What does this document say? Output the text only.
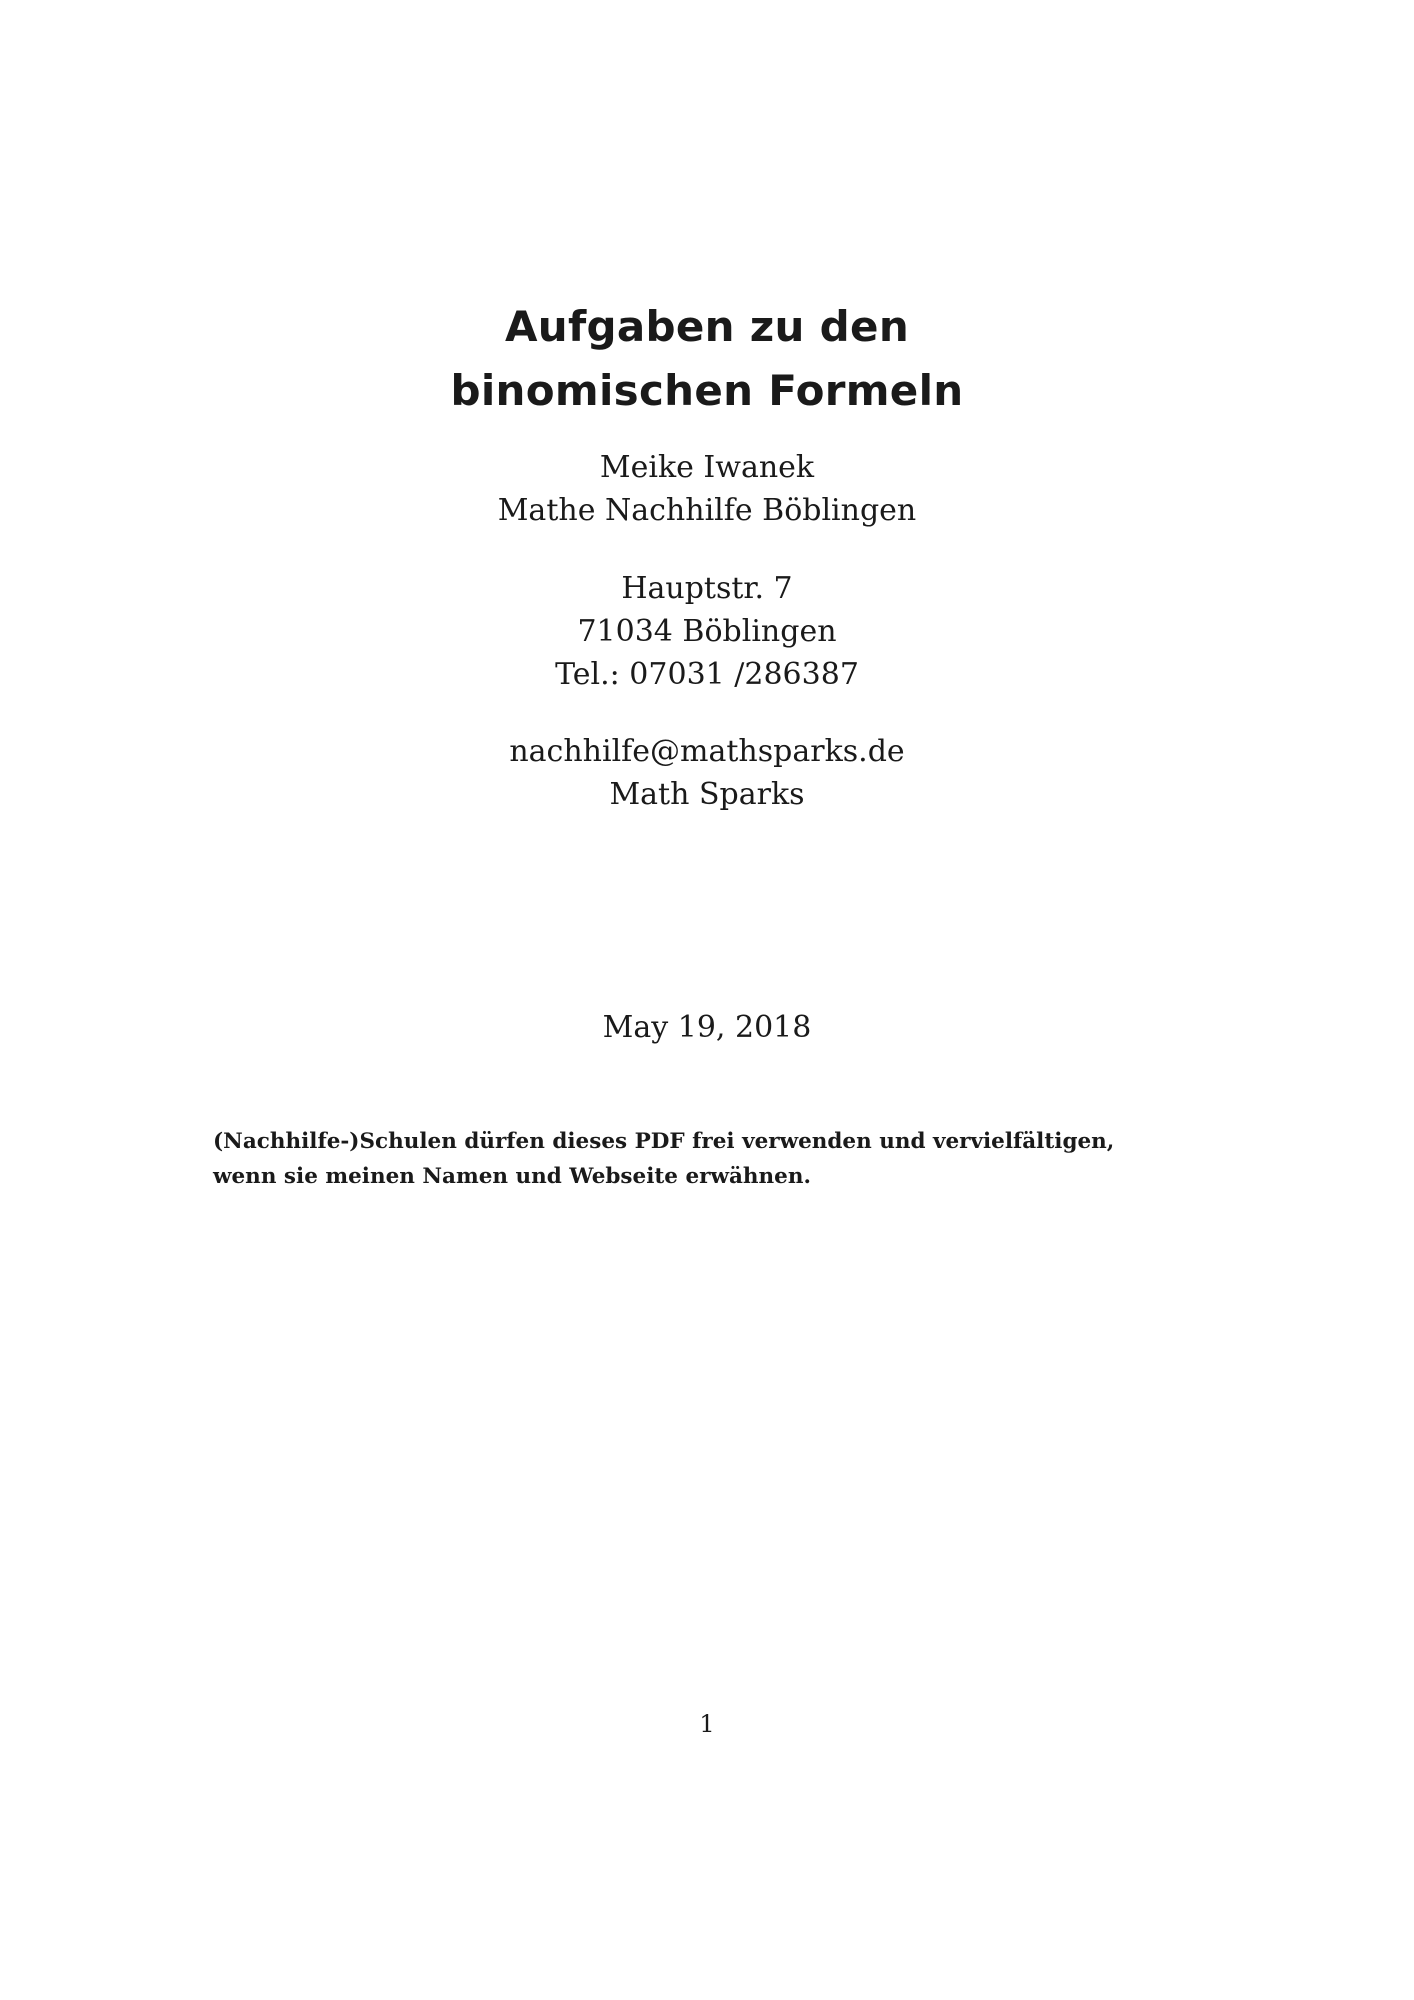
Aufgaben zu den
binomischen Formeln
Meike Iwanek
Mathe Nachhilfe Böblingen
Hauptstr. 7
71034 Böblingen
Tel.: 07031 /286387
nachhilfe@mathsparks.de
Math Sparks
May 19, 2018
(Nachhilfe-)Schulen dürfen dieses PDF frei verwenden und vervielfältigen,
wenn sie meinen Namen und Webseite erwähnen.
1
